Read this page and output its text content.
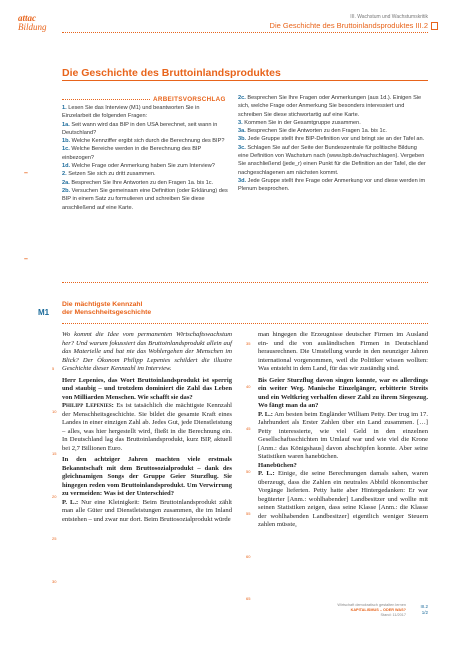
attac
Bildung
III. Wachstum und Wachstumskritik
Die Geschichte des Bruttoinlandsproduktes III.2
Die Geschichte des Bruttoinlandsproduktes
ARBEITSVORSCHLAG

1. Lesen Sie das Interview (M1) und beantworten Sie in Einzelarbeit die folgenden Fragen:

1a. Seit wann wird das BIP in den USA berechnet, seit wann in Deutschland?

1b. Welche Kennziffer ergibt sich durch die Berechnung des BIP?

1c. Welche Bereiche werden in die Berechnung des BIP einbezogen?

1d. Welche Frage oder Anmerkung haben Sie zum Interview?

2. Setzen Sie sich zu dritt zusammen.

2a. Besprechen Sie Ihre Antworten zu den Fragen 1a. bis 1c.

2b. Versuchen Sie gemeinsam eine Definition (oder Erklärung) des BIP in einem Satz zu formulieren und schreiben Sie diese anschließend auf eine Karte.

2c. Besprechen Sie Ihre Fragen oder Anmerkungen (aus 1d.). Einigen Sie sich, welche Frage oder Anmerkung Sie besonders interessiert und schreiben Sie diese stichwortartig auf eine Karte.

3. Kommen Sie in der Gesamtgruppe zusammen.

3a. Besprechen Sie die Antworten zu den Fragen 1a. bis 1c.

3b. Jede Gruppe stellt ihre BIP-Definition vor und bringt sie an der Tafel an.

3c. Schlagen Sie auf der Seite der Bundeszentrale für politische Bildung eine Definition von Wachstum nach (www.bpb.de/nachschlagen). Vergeben Sie anschließend (jede_r) einen Punkt für die Definition an der Tafel, die der nachgeschlagenen am nächsten kommt.

3d. Jede Gruppe stellt ihre Frage oder Anmerkung vor und diese werden im Plenum besprochen.

–
–
M1
Die mächtigste Kennzahl
der Menschheitsgeschichte

Wo kommt die Idee vom permanenten Wirtschaftswachstum her? Und warum fokussiert das Bruttoinlandsprodukt allein auf das Materielle und hat nie das Wohlergehen der Menschen im Blick? Der Ökonom Philipp Lepenies schildert die illustre Geschichte dieser Kennzahl im Interview.

Herr Lepenies, das Wort Bruttoinlandsprodukt ist sperrig und staubig – und trotzdem dominiert die Zahl das Leben von Milliarden Menschen. Wie schafft sie das?

Philipp Lepenies: Es ist tatsächlich die mächtigste Kennzahl der Menschheitsgeschichte. Sie bildet die gesamte Kraft eines Landes in einer einzigen Zahl ab. Jedes Gut, jede Dienstleistung – alles, was hier hergestellt wird, fließt in die Berechnung ein. In Deutschland lag das Bruttoinlandsprodukt, kurz BIP, aktuell bei 2,7 Billionen Euro.

In den achtziger Jahren machten viele erstmals Bekanntschaft mit dem Bruttosozialprodukt – dank des gleichnamigen Songs der Gruppe Geier Sturzflug. Sie hingegen reden vom Bruttoinlandsprodukt. Um Verwirrung zu vermeiden: Was ist der Unterschied?

P. L.: Nur eine Kleinigkeit: Beim Bruttoinlandsprodukt zählt man alle Güter und Dienstleistungen zusammen, die im Inland entstehen – und zwar nur dort. Beim Bruttosozialprodukt würde

man hingegen die Erzeugnisse deutscher Firmen im Ausland ein- und die von ausländischen Firmen in Deutschland herausrechnen. Die Umstellung wurde in den neunziger Jahren international vorgenommen, weil die Politiker wissen wollten: Was entsteht in dem Land, für das wir zuständig sind.

Bis Geier Sturzflug davon singen konnte, war es allerdings ein weiter Weg. Manische Einzelgänger, erbitterte Streits und ein Weltkrieg verhalfen dieser Zahl zu ihrem Siegeszug. Wo fängt man da an?

P. L.: Am besten beim Engländer William Petty. Der trug im 17. Jahrhundert als Erster Zahlen über ein Land zusammen. […] Petty interessierte, wie viel Geld in den einzelnen Gesellschaftsschichten im Umlauf war und wie viel die Krone [Anm.: das Königshaus] davon abschöpfen konnte. Aber seine Statistiken waren hanebüchen.

Hanebüchen?

P. L.: Einige, die seine Berechnungen damals sahen, waren überzeugt, dass die Zahlen ein neutrales Abbild ökonomischer Vorgänge lieferten. Petty hatte aber Hintergedanken: Er war begüterter [Anm.: wohlhabender] Landbesitzer und wollte mit seinen Statistiken zeigen, dass seine Klasse [Anm.: die Klasse der wohlhabenden Landbesitzer] eigentlich weniger Steuern zahlen müsste,

5
10
15
20
25
30
35
40
45
50
55
60
65
Wirtschaft demokratisch gestalten lernen
KAPITALISMUS – ODER WAS?
Stand: 11/2017
III.2
1/2
